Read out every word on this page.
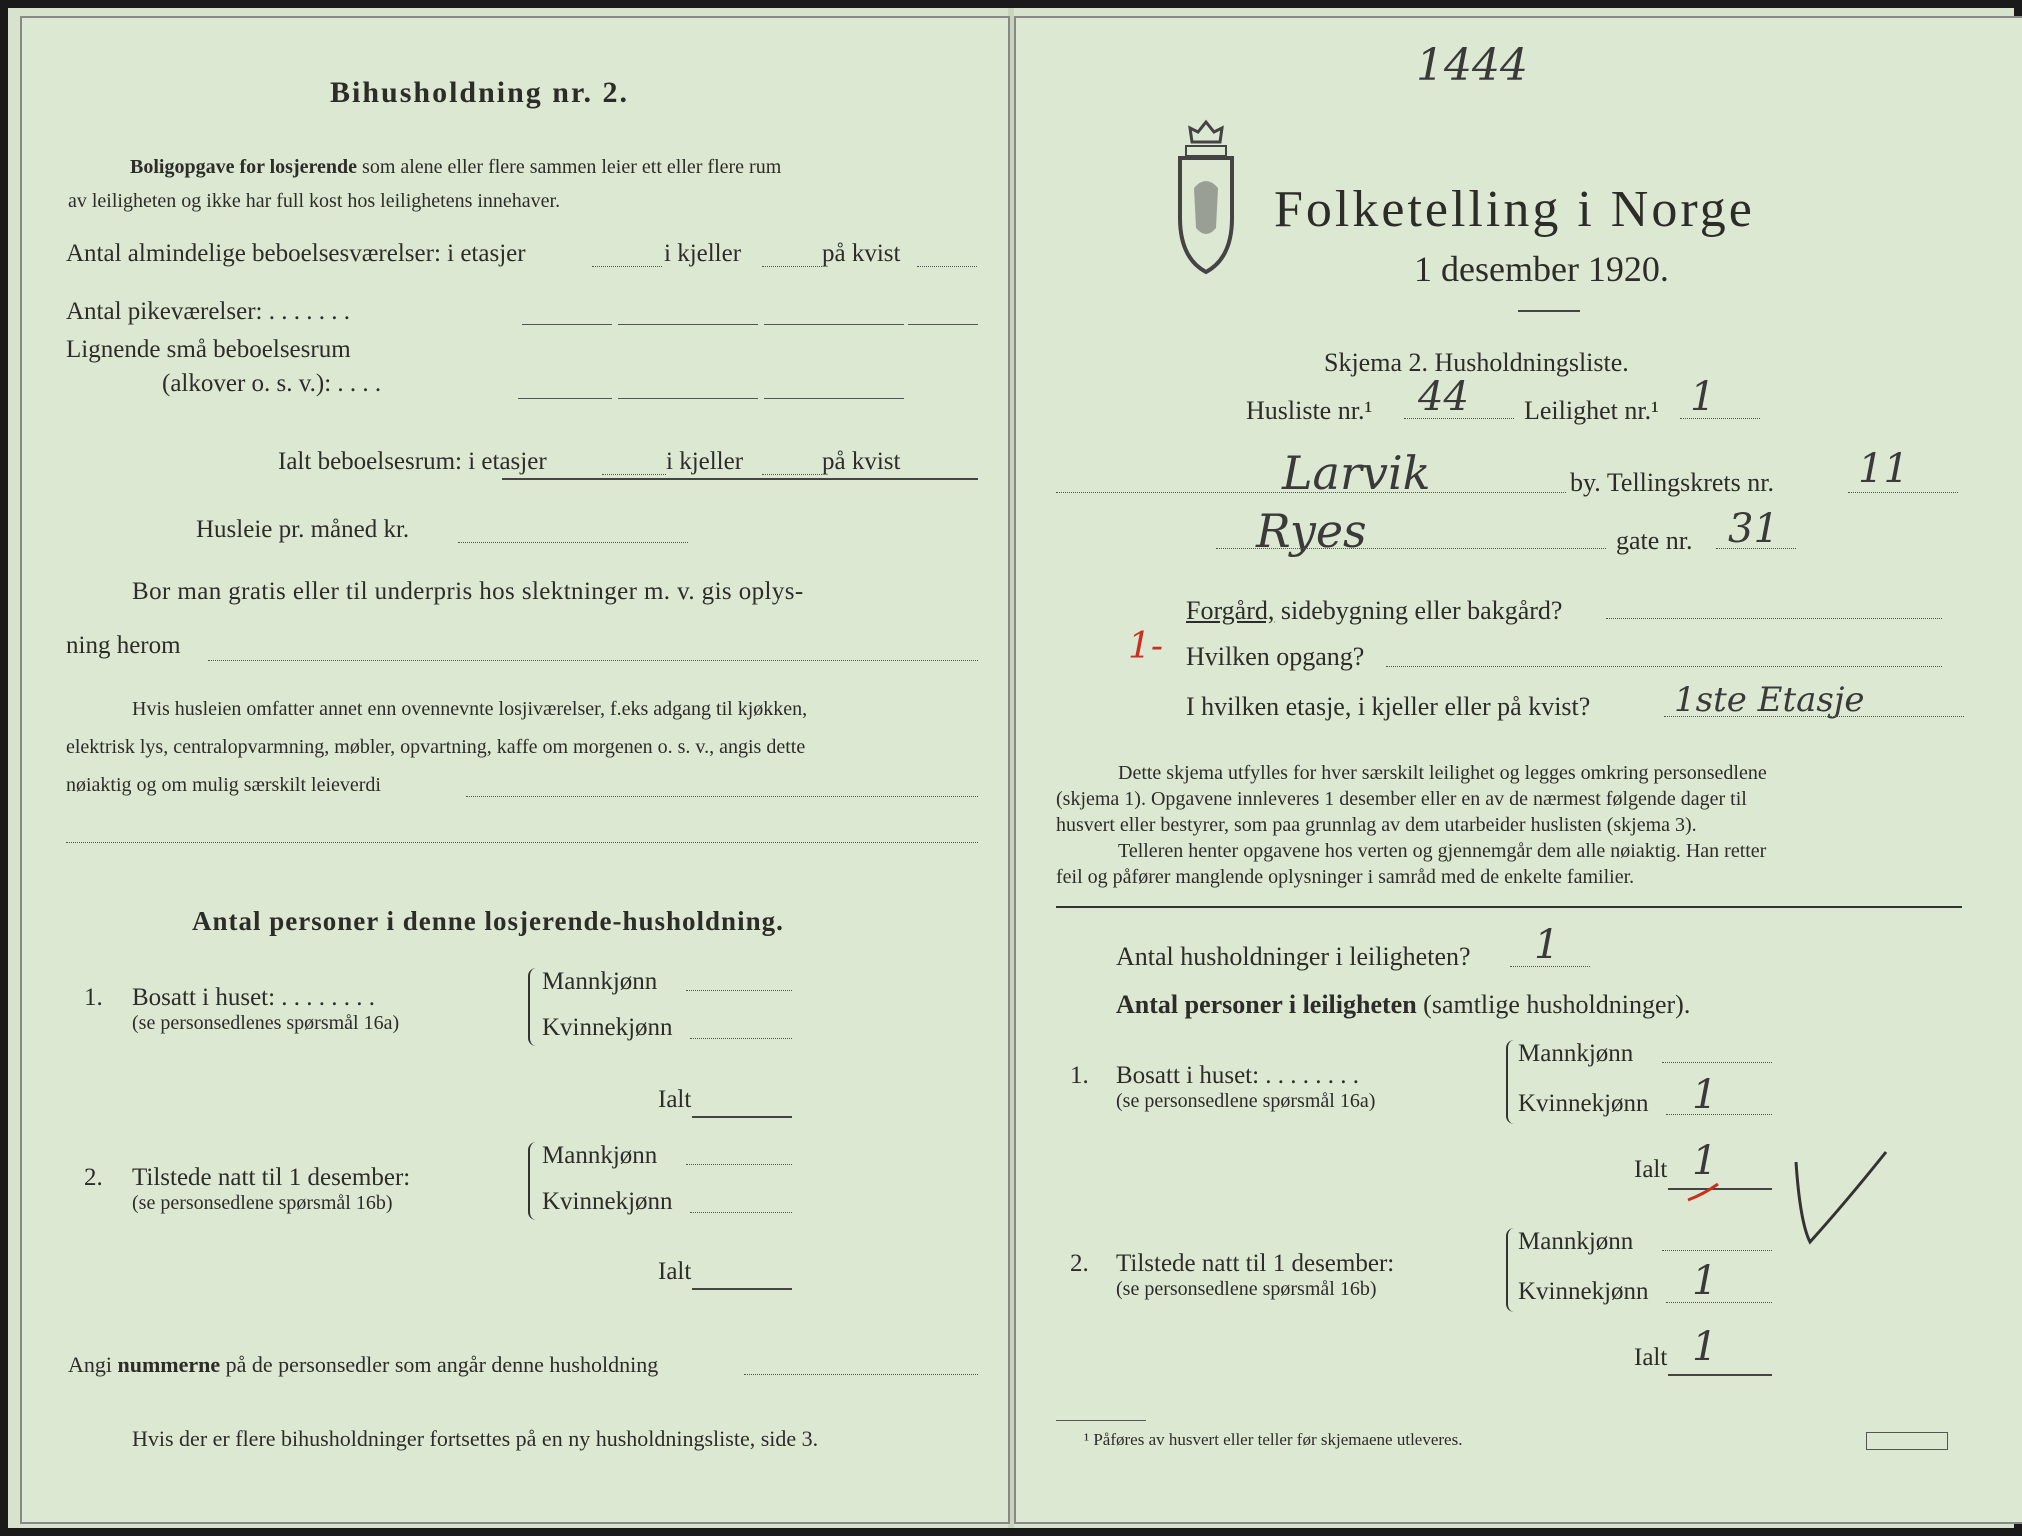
Bihusholdning nr. 2.
Boligopgave for losjerende som alene eller flere sammen leier ett eller flere rum
av leiligheten og ikke har full kost hos leilighetens innehaver.
Antal almindelige beboelsesværelser: i etasjer	i kjeller	på kvist
Antal pikeværelser: . . . . . . .
Lignende små beboelsesrum
(alkover o. s. v.): . . . .
Ialt beboelsesrum: i etasjer	i kjeller	på kvist
Husleie pr. måned kr.
Bor man gratis eller til underpris hos slektninger m. v. gis oplys-
ning herom
Hvis husleien omfatter annet enn ovennevnte losjiværelser, f.eks adgang til kjøkken,
elektrisk lys, centralopvarmning, møbler, opvartning, kaffe om morgenen o. s. v., angis dette
nøiaktig og om mulig særskilt leieverdi
Antal personer i denne losjerende-husholdning.
1. Bosatt i huset: . . . . . . . .
(se personsedlenes spørsmål 16a)
Mannkjønn
Kvinnekjønn
Ialt
2. Tilstede natt til 1 desember:
(se personsedlene spørsmål 16b)
Mannkjønn
Kvinnekjønn
Ialt
Angi nummerne på de personsedler som angår denne husholdning
Hvis der er flere bihusholdninger fortsettes på en ny husholdningsliste, side 3.
1444
Folketelling i Norge
1 desember 1920.
Skjema 2. Husholdningsliste.
Husliste nr.¹ 44 Leilighet nr.¹ 1
Larvik	by. Tellingskrets nr. 11
Ryes	gate nr. 31
1-
Forgård, sidebygning eller bakgård?
Hvilken opgang?
I hvilken etasje, i kjeller eller på kvist? 1ste Etasje
Dette skjema utfylles for hver særskilt leilighet og legges omkring personsedlene
(skjema 1). Opgavene innleveres 1 desember eller en av de nærmest følgende dager til
husvert eller bestyrer, som paa grunnlag av dem utarbeider huslisten (skjema 3).
Telleren henter opgavene hos verten og gjennemgår dem alle nøiaktig. Han retter
feil og påfører manglende oplysninger i samråd med de enkelte familier.
Antal husholdninger i leiligheten? 1
Antal personer i leiligheten (samtlige husholdninger).
1. Bosatt i huset: . . . . . . . .
(se personsedlene spørsmål 16a)
Mannkjønn
Kvinnekjønn 1
Ialt 1
2. Tilstede natt til 1 desember:
(se personsedlene spørsmål 16b)
Mannkjønn
Kvinnekjønn 1
Ialt 1
¹ Påføres av husvert eller teller før skjemaene utleveres.
